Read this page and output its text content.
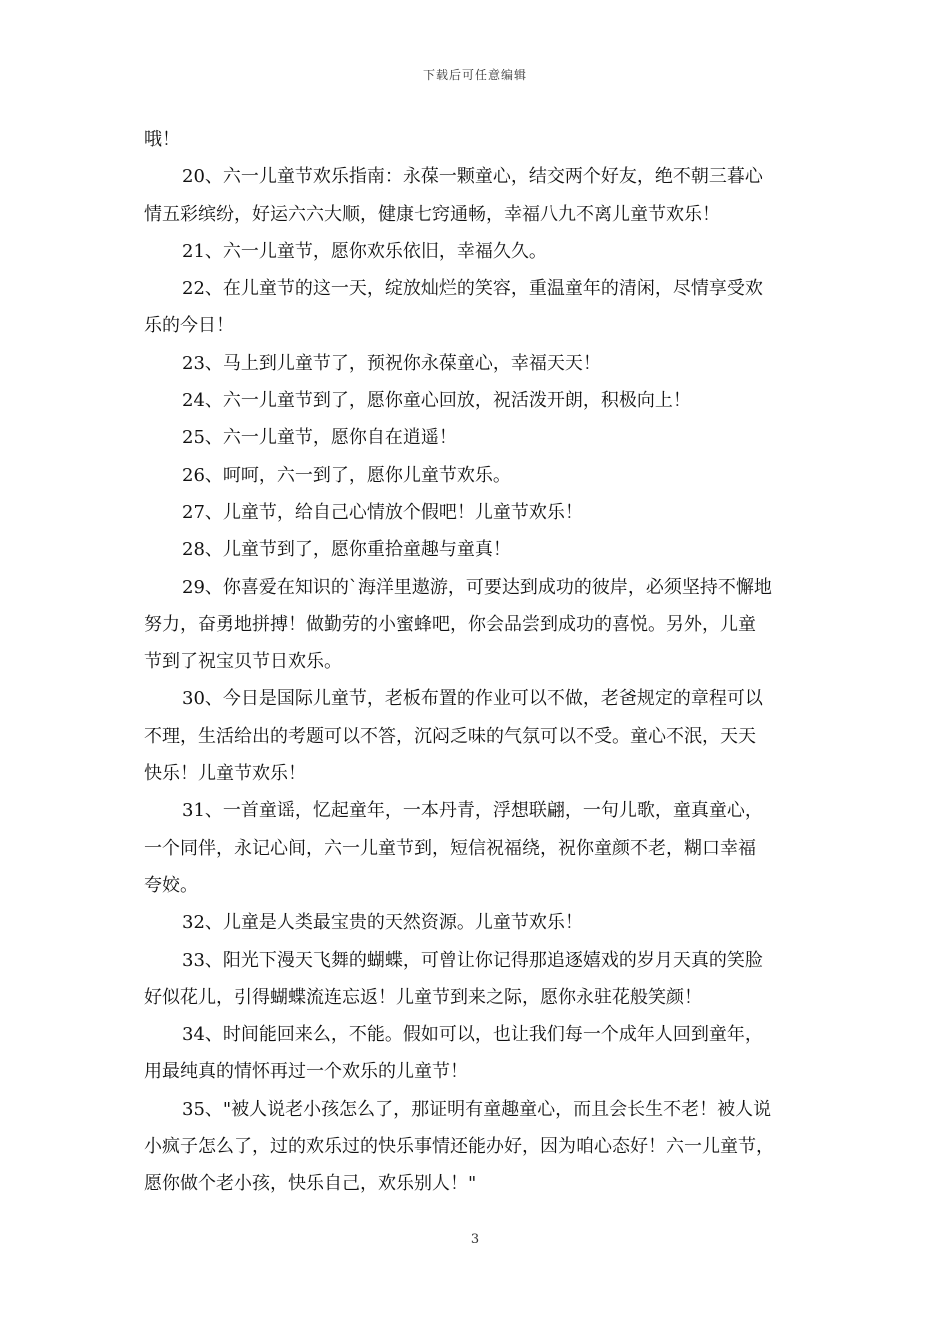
下载后可任意编辑
哦！
20、六一儿童节欢乐指南：永葆一颗童心，结交两个好友，绝不朝三暮心
情五彩缤纷，好运六六大顺，健康七窍通畅，幸福八九不离儿童节欢乐！
21、六一儿童节，愿你欢乐依旧，幸福久久。
22、在儿童节的这一天，绽放灿烂的笑容，重温童年的清闲，尽情享受欢
乐的今日！
23、马上到儿童节了，预祝你永葆童心，幸福天天！
24、六一儿童节到了，愿你童心回放，祝活泼开朗，积极向上！
25、六一儿童节，愿你自在逍遥！
26、呵呵，六一到了，愿你儿童节欢乐。
27、儿童节，给自己心情放个假吧！儿童节欢乐！
28、儿童节到了，愿你重拾童趣与童真！
29、你喜爱在知识的`海洋里遨游，可要达到成功的彼岸，必须坚持不懈地
努力，奋勇地拼搏！做勤劳的小蜜蜂吧，你会品尝到成功的喜悦。另外，儿童
节到了祝宝贝节日欢乐。
30、今日是国际儿童节，老板布置的作业可以不做，老爸规定的章程可以
不理，生活给出的考题可以不答，沉闷乏味的气氛可以不受。童心不泯，天天
快乐！儿童节欢乐！
31、一首童谣，忆起童年，一本丹青，浮想联翩，一句儿歌，童真童心，
一个同伴，永记心间，六一儿童节到，短信祝福绕，祝你童颜不老，糊口幸福
夸姣。
32、儿童是人类最宝贵的天然资源。儿童节欢乐！
33、阳光下漫天飞舞的蝴蝶，可曾让你记得那追逐嬉戏的岁月天真的笑脸
好似花儿，引得蝴蝶流连忘返！儿童节到来之际，愿你永驻花般笑颜！
34、时间能回来么，不能。假如可以，也让我们每一个成年人回到童年，
用最纯真的情怀再过一个欢乐的儿童节！
35、"被人说老小孩怎么了，那证明有童趣童心，而且会长生不老！被人说
小疯子怎么了，过的欢乐过的快乐事情还能办好，因为咱心态好！六一儿童节，
愿你做个老小孩，快乐自己，欢乐别人！"
3
